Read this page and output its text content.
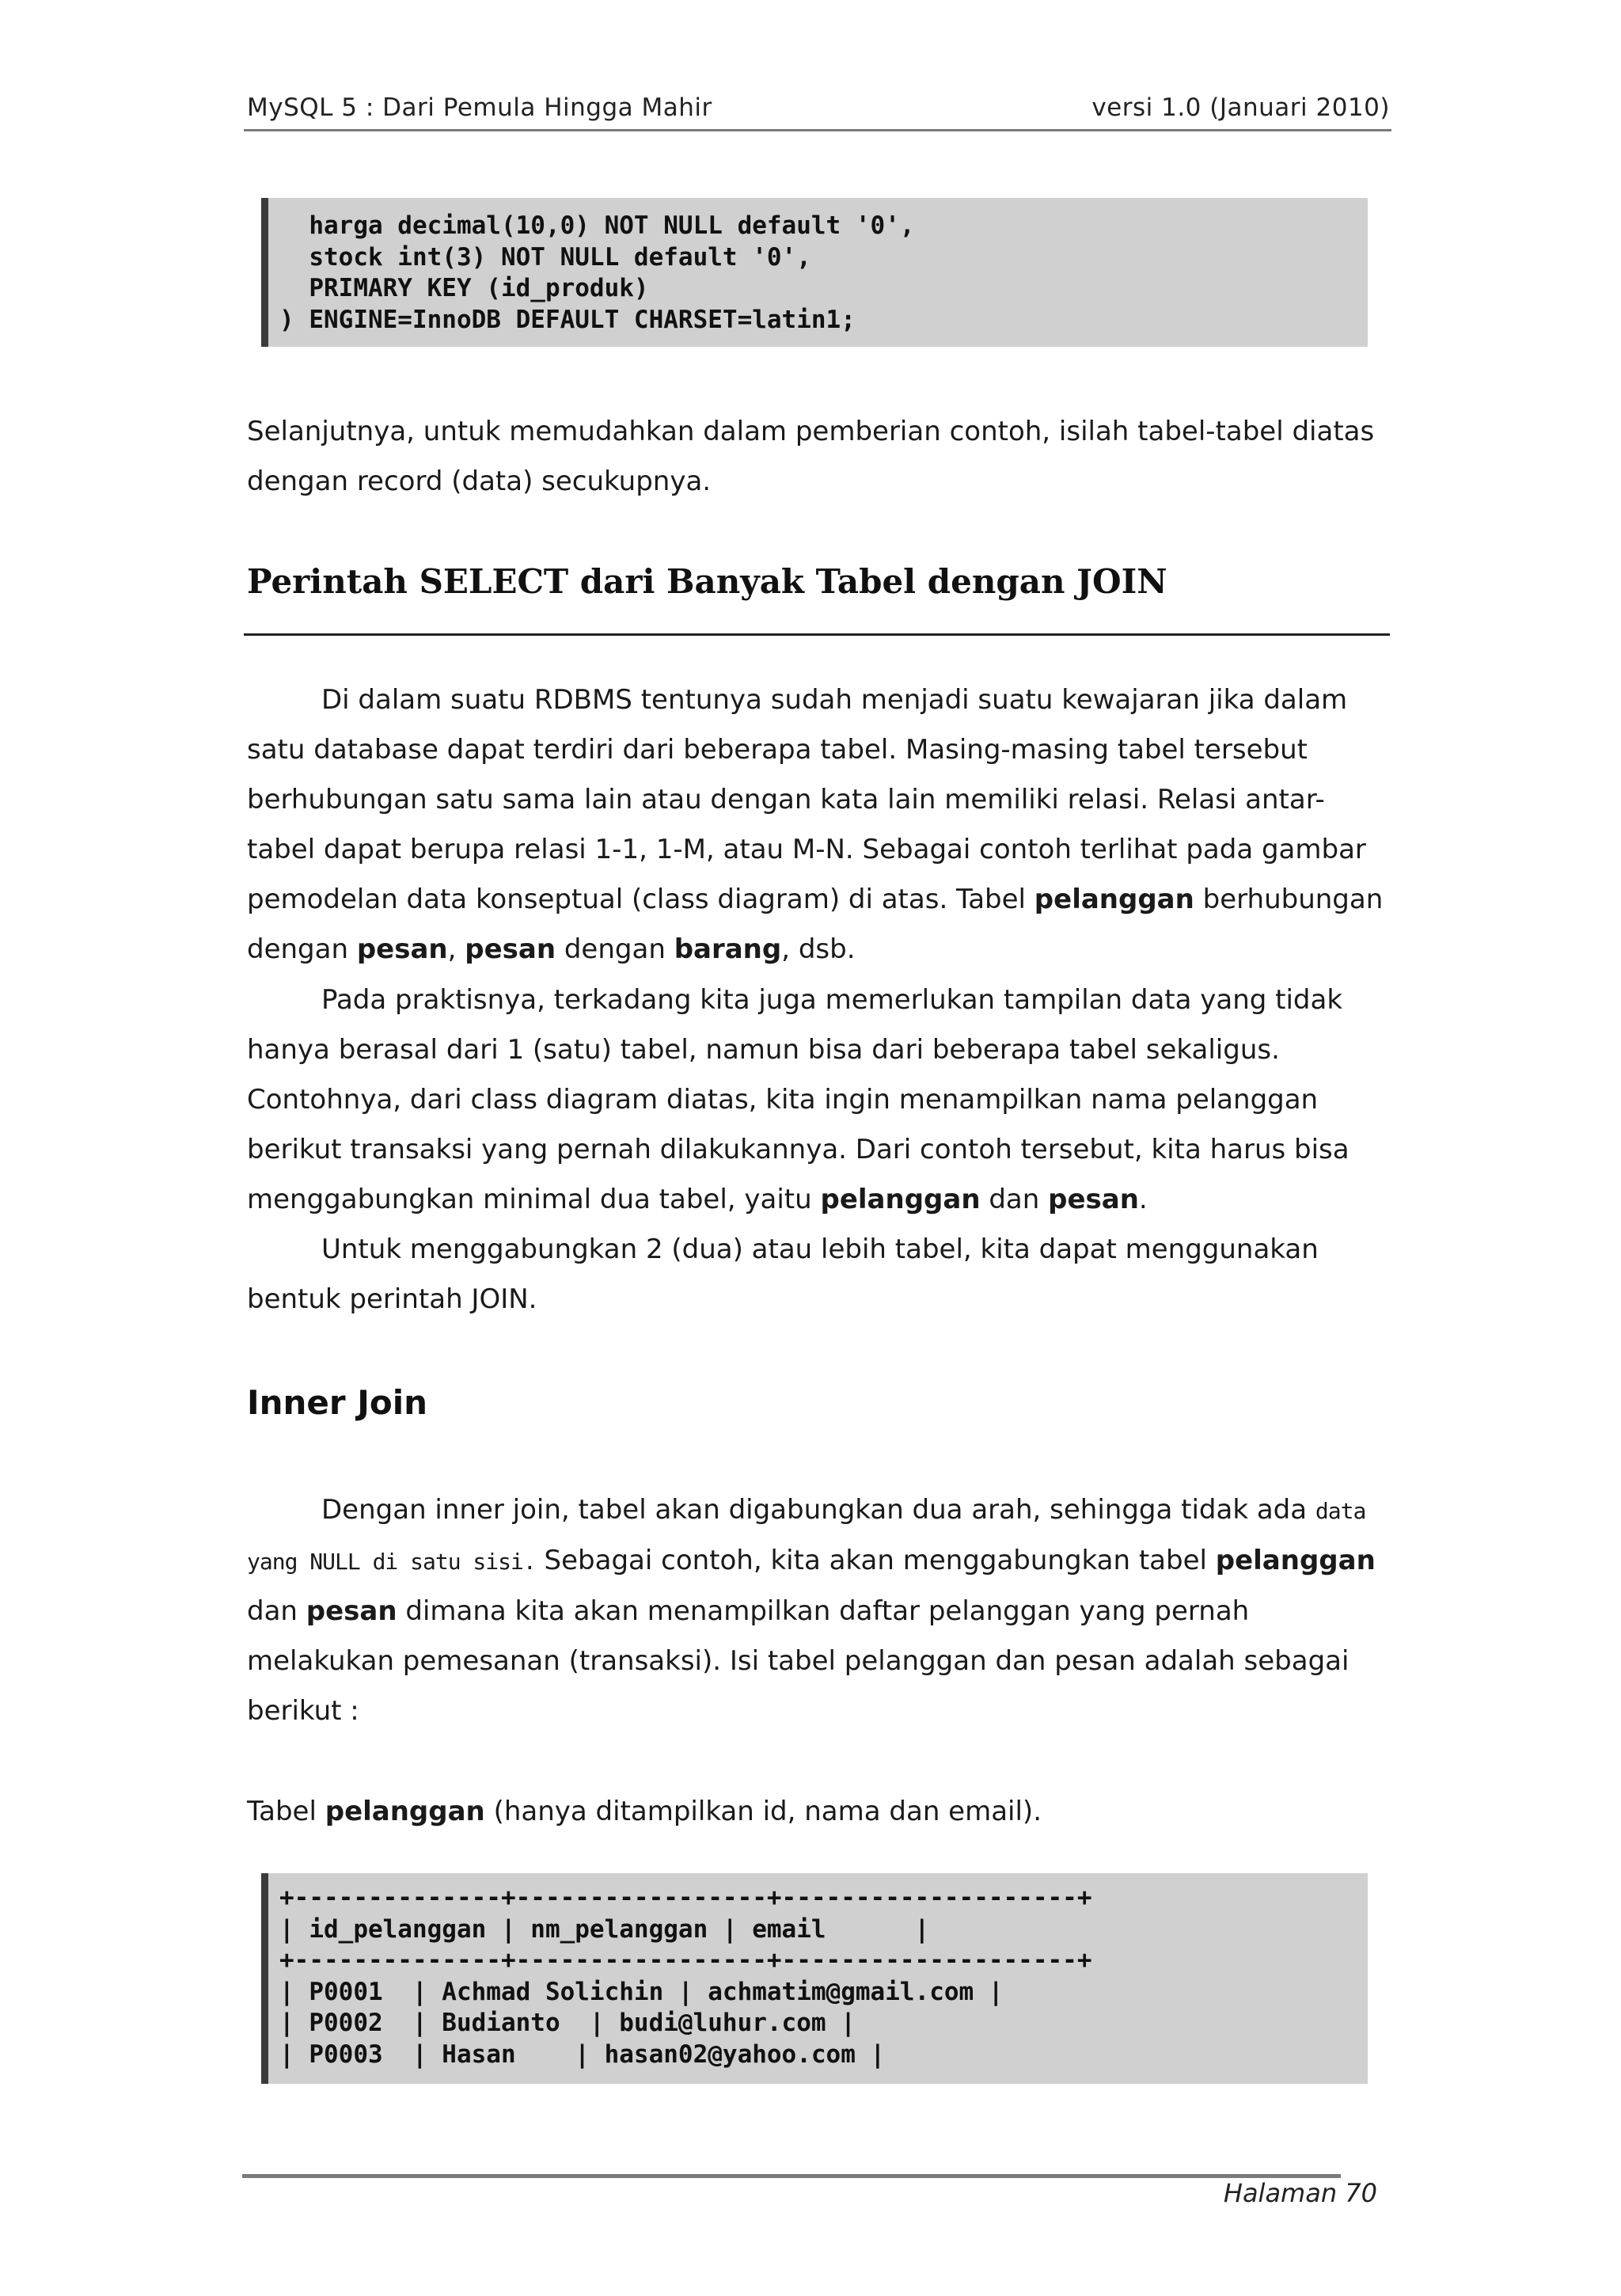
MySQL 5 : Dari Pemula Hingga Mahir	versi 1.0 (Januari 2010)
harga decimal(10,0) NOT NULL default '0',
stock int(3) NOT NULL default '0',
PRIMARY KEY (id_produk)
) ENGINE=InnoDB DEFAULT CHARSET=latin1;

Selanjutnya, untuk memudahkan dalam pemberian contoh, isilah tabel-tabel diatas dengan record (data) secukupnya.

Perintah SELECT dari Banyak Tabel dengan JOIN

Di dalam suatu RDBMS tentunya sudah menjadi suatu kewajaran jika dalam satu database dapat terdiri dari beberapa tabel. Masing-masing tabel tersebut berhubungan satu sama lain atau dengan kata lain memiliki relasi. Relasi antar-tabel dapat berupa relasi 1-1, 1-M, atau M-N. Sebagai contoh terlihat pada gambar pemodelan data konseptual (class diagram) di atas. Tabel pelanggan berhubungan dengan pesan, pesan dengan barang, dsb.

Pada praktisnya, terkadang kita juga memerlukan tampilan data yang tidak hanya berasal dari 1 (satu) tabel, namun bisa dari beberapa tabel sekaligus. Contohnya, dari class diagram diatas, kita ingin menampilkan nama pelanggan berikut transaksi yang pernah dilakukannya. Dari contoh tersebut, kita harus bisa menggabungkan minimal dua tabel, yaitu pelanggan dan pesan.

Untuk menggabungkan 2 (dua) atau lebih tabel, kita dapat menggunakan bentuk perintah JOIN.

Inner Join

Dengan inner join, tabel akan digabungkan dua arah, sehingga tidak ada data yang NULL di satu sisi. Sebagai contoh, kita akan menggabungkan tabel pelanggan dan pesan dimana kita akan menampilkan daftar pelanggan yang pernah melakukan pemesanan (transaksi). Isi tabel pelanggan dan pesan adalah sebagai berikut :

Tabel pelanggan (hanya ditampilkan id, nama dan email).

+--------------+-----------------+--------------------+
| id_pelanggan | nm_pelanggan | email      |
+--------------+-----------------+--------------------+
| P0001  | Achmad Solichin | achmatim@gmail.com |
| P0002  | Budianto  | budi@luhur.com |
| P0003  | Hasan    | hasan02@yahoo.com |
Halaman 70
